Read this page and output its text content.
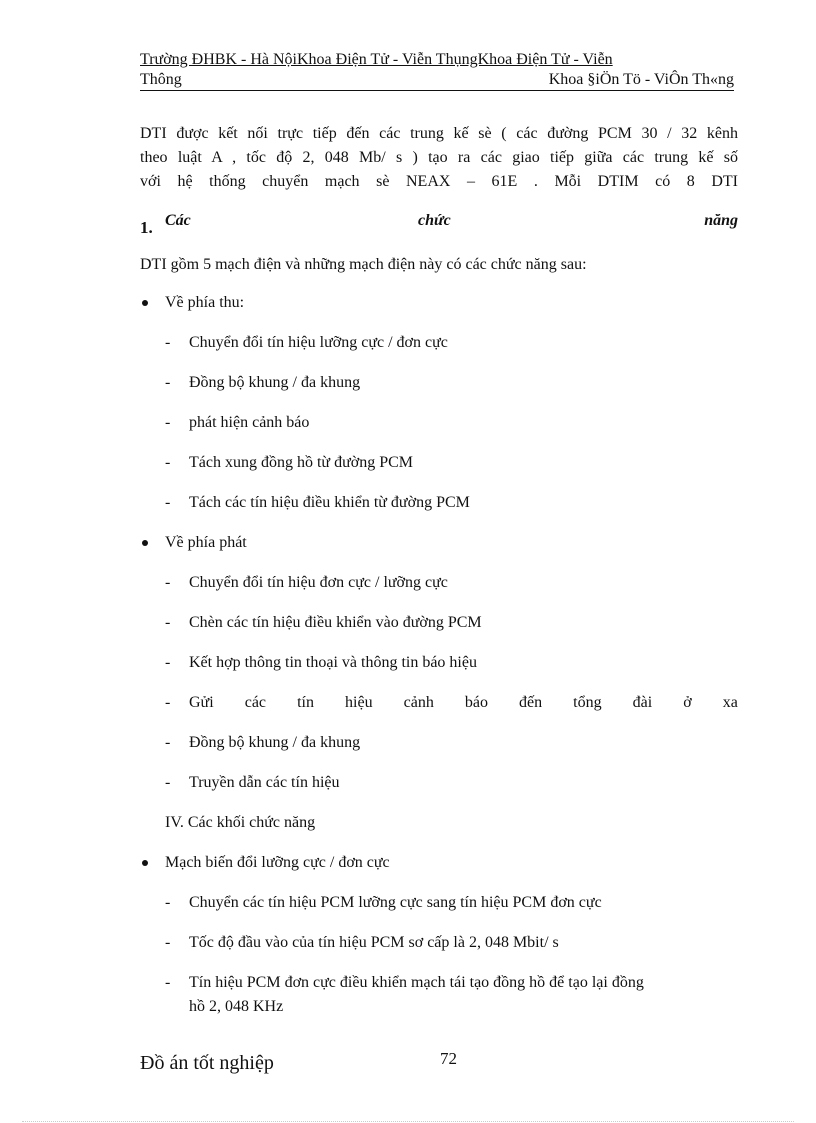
Trường ĐHBK - Hà NộiKhoa Điện Tử - Viễn ThụngKhoa Điện Tử - Viễn
Thông	Khoa §iÖn Tö - ViÔn Th«ng
DTI được kết nối trực tiếp đến các trung kế sè ( các đường PCM 30 / 32 kênh
theo luật A , tốc độ 2, 048 Mb/ s ) tạo ra các giao tiếp giữa các trung kế số
với hệ thống chuyển mạch sè NEAX – 61E . Mỗi DTIM có 8 DTI
1. Các	chức	năng
DTI gồm 5 mạch điện và những mạch điện này có các chức năng sau:
Về phía thu:
- Chuyển đổi tín hiệu lưỡng cực / đơn cực
- Đồng bộ khung / đa khung
- phát hiện cảnh báo
- Tách xung đồng hồ từ đường PCM
- Tách các tín hiệu điều khiển từ đường PCM
Về phía phát
- Chuyển đổi tín hiệu đơn cực / lưỡng cực
- Chèn các tín hiệu điều khiển vào đường PCM
- Kết hợp thông tin thoại và thông tin báo hiệu
- Gửi các tín hiệu cảnh báo đến tổng đài ở xa
- Đồng bộ khung / đa khung
- Truyền dẫn các tín hiệu
IV. Các khối chức năng
Mạch biến đổi lưỡng cực / đơn cực
- Chuyển các tín hiệu PCM lưỡng cực sang tín hiệu PCM đơn cực
- Tốc độ đầu vào của tín hiệu PCM sơ cấp là 2, 048 Mbit/ s
- Tín hiệu PCM đơn cực điều khiển mạch tái tạo đồng hồ để tạo lại đồng
hồ 2, 048 KHz
Đồ án tốt nghiệp	72
